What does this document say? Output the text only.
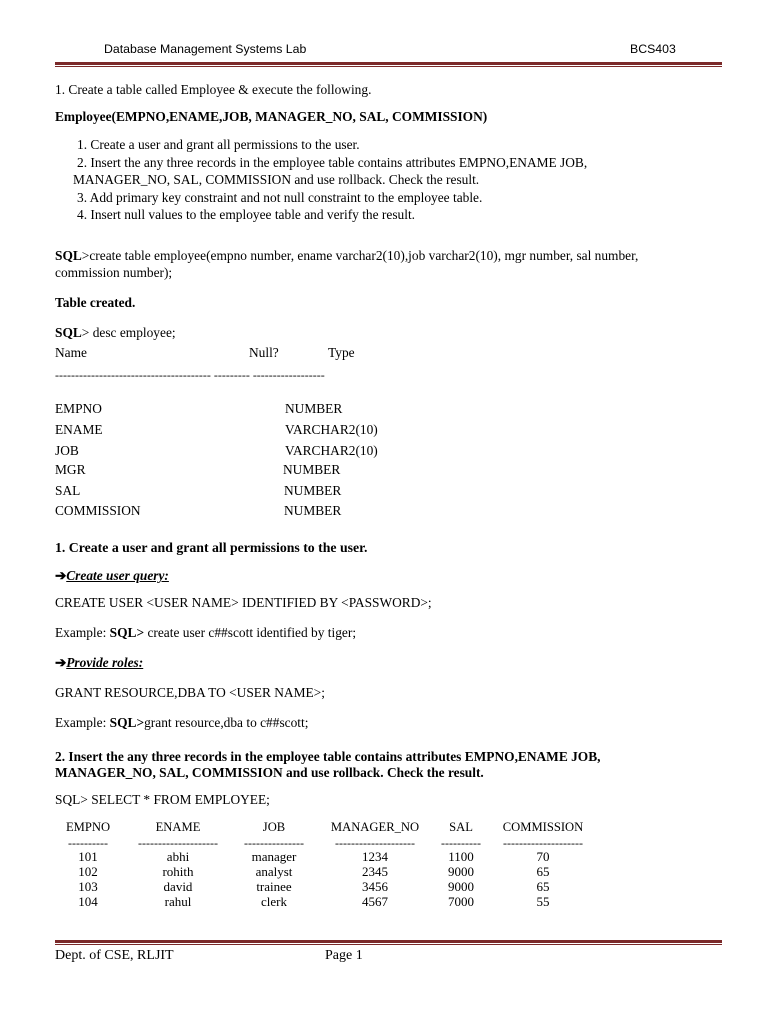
Database Management Systems Lab	BCS403
1. Create a table called Employee & execute the following.
Employee(EMPNO,ENAME,JOB, MANAGER_NO, SAL, COMMISSION)
1. Create a user and grant all permissions to the user.
2. Insert the any three records in the employee table contains attributes EMPNO,ENAME JOB,
MANAGER_NO, SAL, COMMISSION and use rollback. Check the result.
3. Add primary key constraint and not null constraint to the employee table.
4. Insert null values to the employee table and verify the result.
SQL>create table employee(empno number, ename varchar2(10),job varchar2(10), mgr number, sal number,
commission number);
Table created.
SQL> desc employee;
Name	Null?	Type
--------------------------------------- --------- ------------------
EMPNO	NUMBER
ENAME	VARCHAR2(10)
JOB	VARCHAR2(10)
MGR	NUMBER
SAL	NUMBER
COMMISSION	NUMBER
1. Create a user and grant all permissions to the user.
➔Create user query:
CREATE USER <USER NAME> IDENTIFIED BY <PASSWORD>;
Example: SQL> create user c##scott identified by tiger;
➔Provide roles:
GRANT RESOURCE,DBA TO <USER NAME>;
Example: SQL>grant resource,dba to c##scott;
2. Insert the any three records in the employee table contains attributes EMPNO,ENAME JOB,
MANAGER_NO, SAL, COMMISSION and use rollback. Check the result.
SQL> SELECT * FROM EMPLOYEE;
EMPNO	ENAME	JOB	MANAGER_NO	SAL	COMMISSION
----------	--------------------	---------------	--------------------	----------	--------------------
101	abhi	manager	1234	1100	70
102	rohith	analyst	2345	9000	65
103	david	trainee	3456	9000	65
104	rahul	clerk	4567	7000	55
Dept. of CSE, RLJIT	Page 1
